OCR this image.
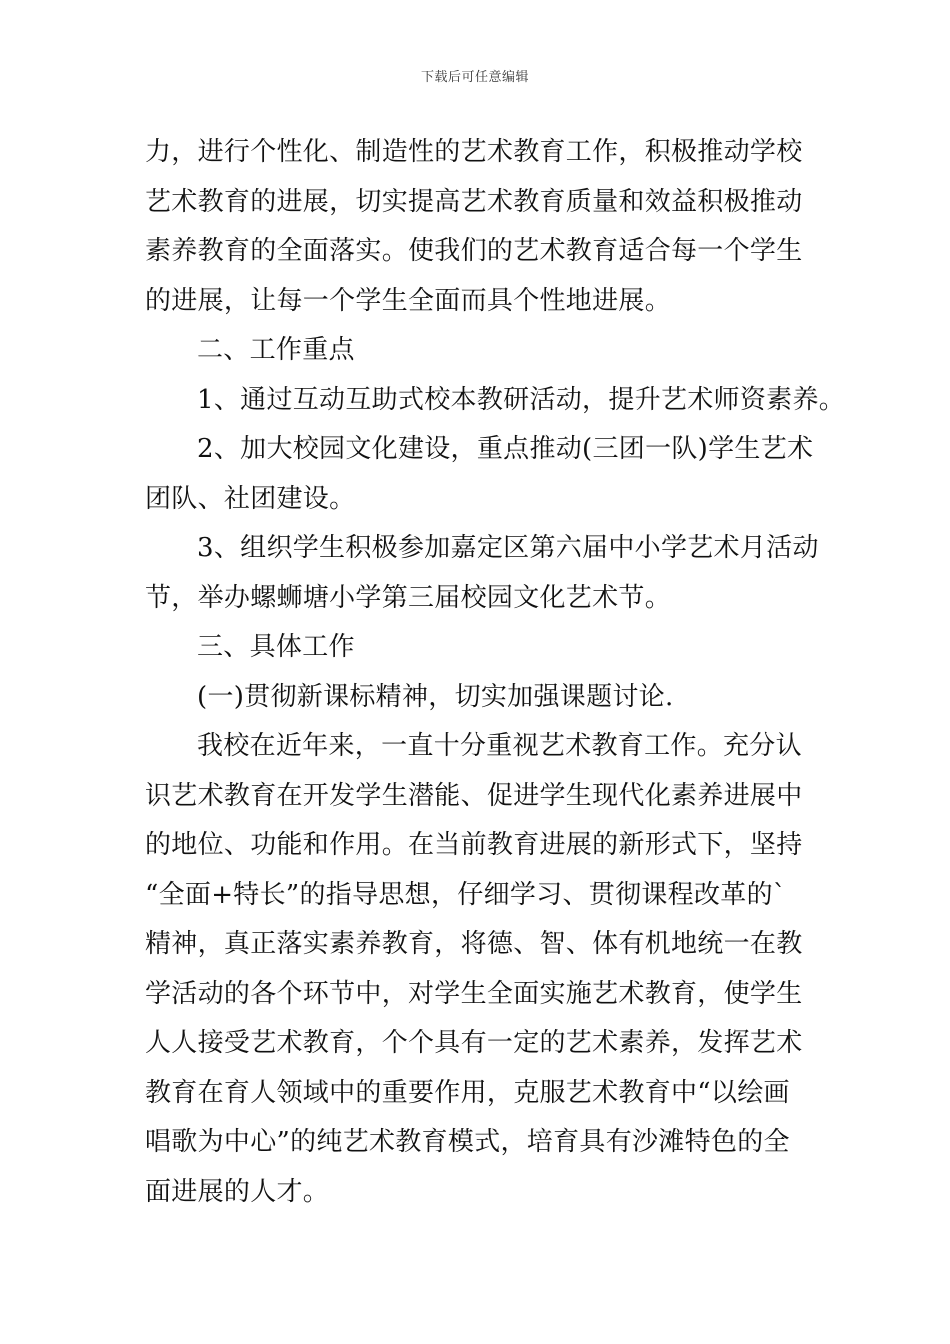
下载后可任意编辑
力，进行个性化、制造性的艺术教育工作，积极推动学校
艺术教育的进展，切实提高艺术教育质量和效益积极推动
素养教育的全面落实。使我们的艺术教育适合每一个学生
的进展，让每一个学生全面而具个性地进展。
二、工作重点
1、通过互动互助式校本教研活动，提升艺术师资素养。
2、加大校园文化建设，重点推动(三团一队)学生艺术
团队、社团建设。
3、组织学生积极参加嘉定区第六届中小学艺术月活动
节，举办螺蛳塘小学第三届校园文化艺术节。
三、具体工作
(一)贯彻新课标精神，切实加强课题讨论.
我校在近年来，一直十分重视艺术教育工作。充分认
识艺术教育在开发学生潜能、促进学生现代化素养进展中
的地位、功能和作用。在当前教育进展的新形式下，坚持
“全面+特长”的指导思想，仔细学习、贯彻课程改革的`
精神，真正落实素养教育，将德、智、体有机地统一在教
学活动的各个环节中，对学生全面实施艺术教育，使学生
人人接受艺术教育，个个具有一定的艺术素养，发挥艺术
教育在育人领域中的重要作用，克服艺术教育中“以绘画
唱歌为中心”的纯艺术教育模式，培育具有沙滩特色的全
面进展的人才。
